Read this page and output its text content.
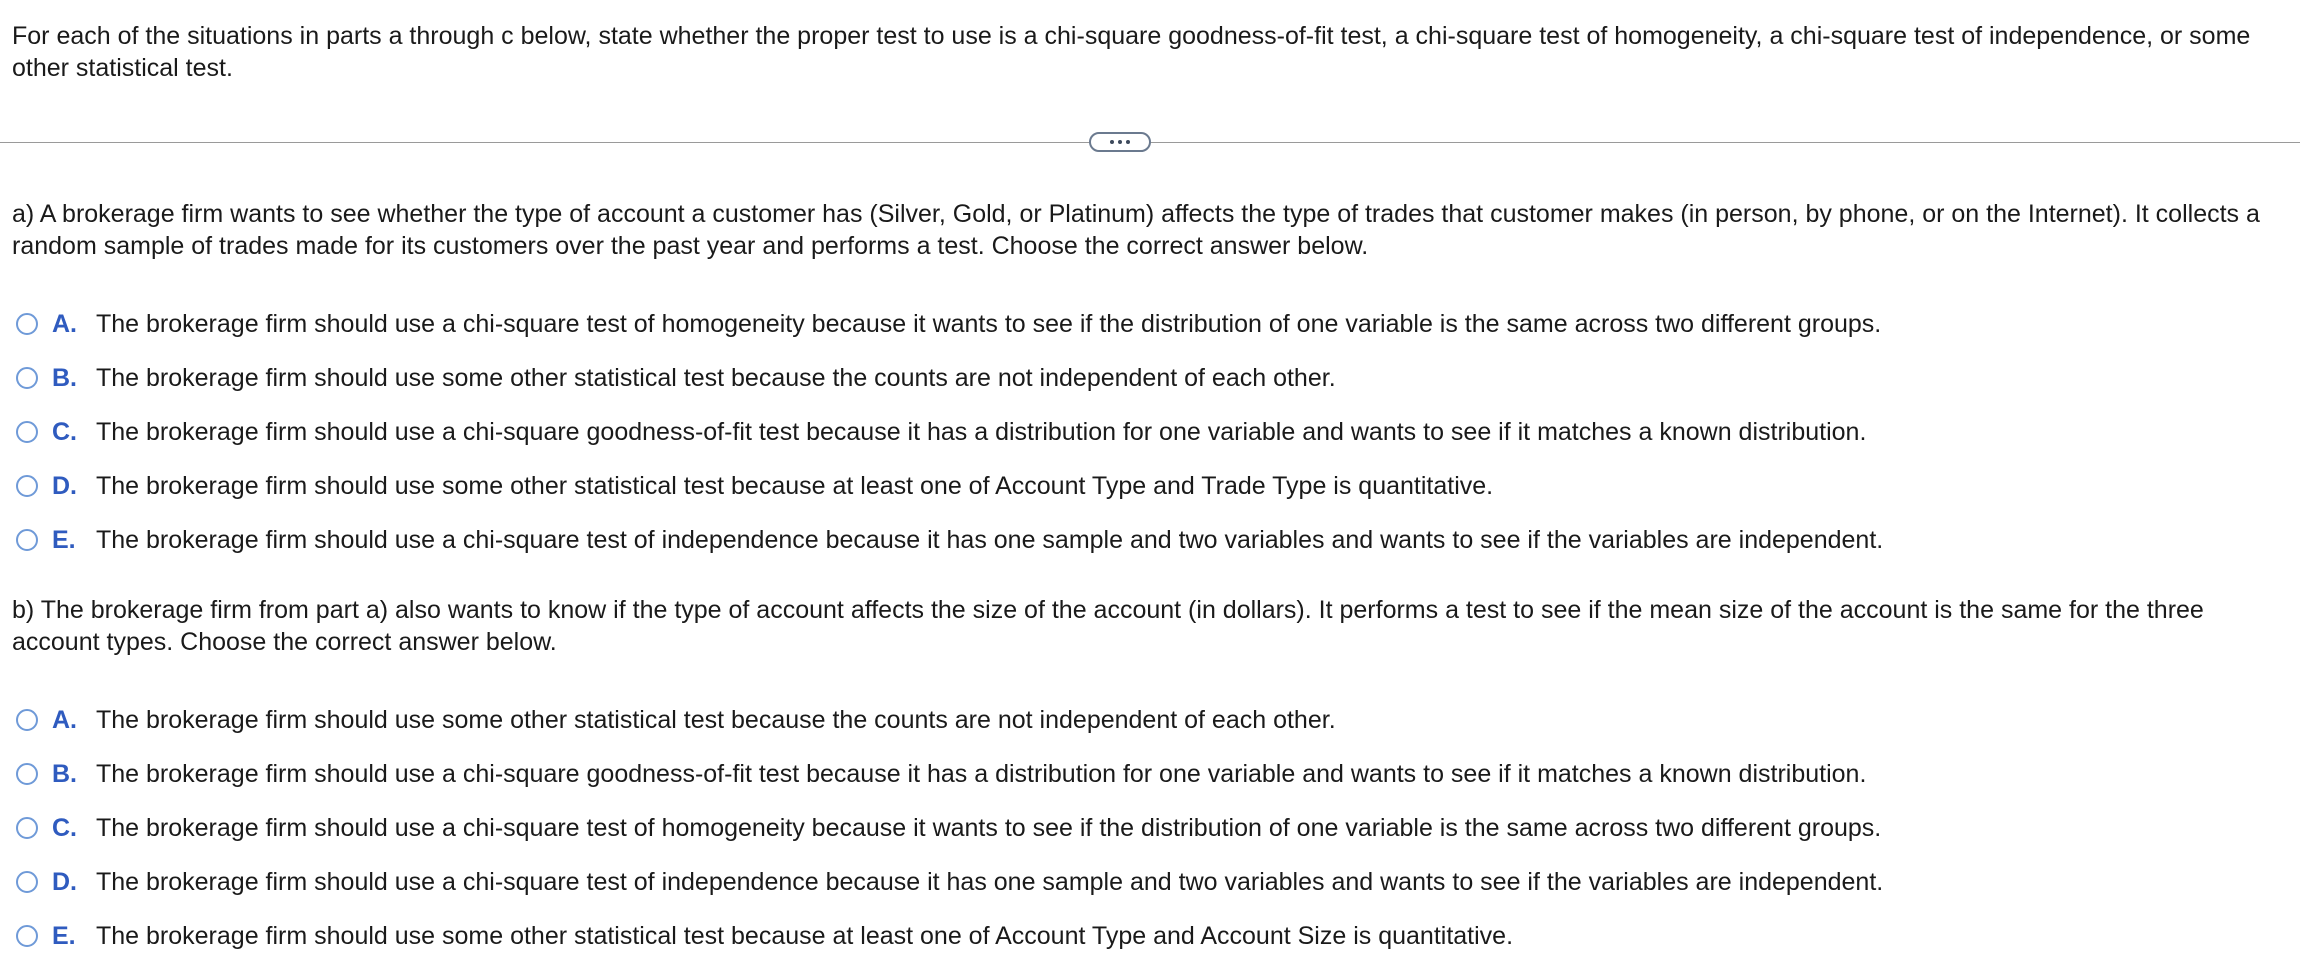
For each of the situations in parts a through c below, state whether the proper test to use is a chi-square goodness-of-fit test, a chi-square test of homogeneity, a chi-square test of independence, or some other statistical test.
a) A brokerage firm wants to see whether the type of account a customer has (Silver, Gold, or Platinum) affects the type of trades that customer makes (in person, by phone, or on the Internet). It collects a random sample of trades made for its customers over the past year and performs a test. Choose the correct answer below.
A. The brokerage firm should use a chi-square test of homogeneity because it wants to see if the distribution of one variable is the same across two different groups.
B. The brokerage firm should use some other statistical test because the counts are not independent of each other.
C. The brokerage firm should use a chi-square goodness-of-fit test because it has a distribution for one variable and wants to see if it matches a known distribution.
D. The brokerage firm should use some other statistical test because at least one of Account Type and Trade Type is quantitative.
E. The brokerage firm should use a chi-square test of independence because it has one sample and two variables and wants to see if the variables are independent.
b) The brokerage firm from part a) also wants to know if the type of account affects the size of the account (in dollars). It performs a test to see if the mean size of the account is the same for the three account types. Choose the correct answer below.
A. The brokerage firm should use some other statistical test because the counts are not independent of each other.
B. The brokerage firm should use a chi-square goodness-of-fit test because it has a distribution for one variable and wants to see if it matches a known distribution.
C. The brokerage firm should use a chi-square test of homogeneity because it wants to see if the distribution of one variable is the same across two different groups.
D. The brokerage firm should use a chi-square test of independence because it has one sample and two variables and wants to see if the variables are independent.
E. The brokerage firm should use some other statistical test because at least one of Account Type and Account Size is quantitative.
